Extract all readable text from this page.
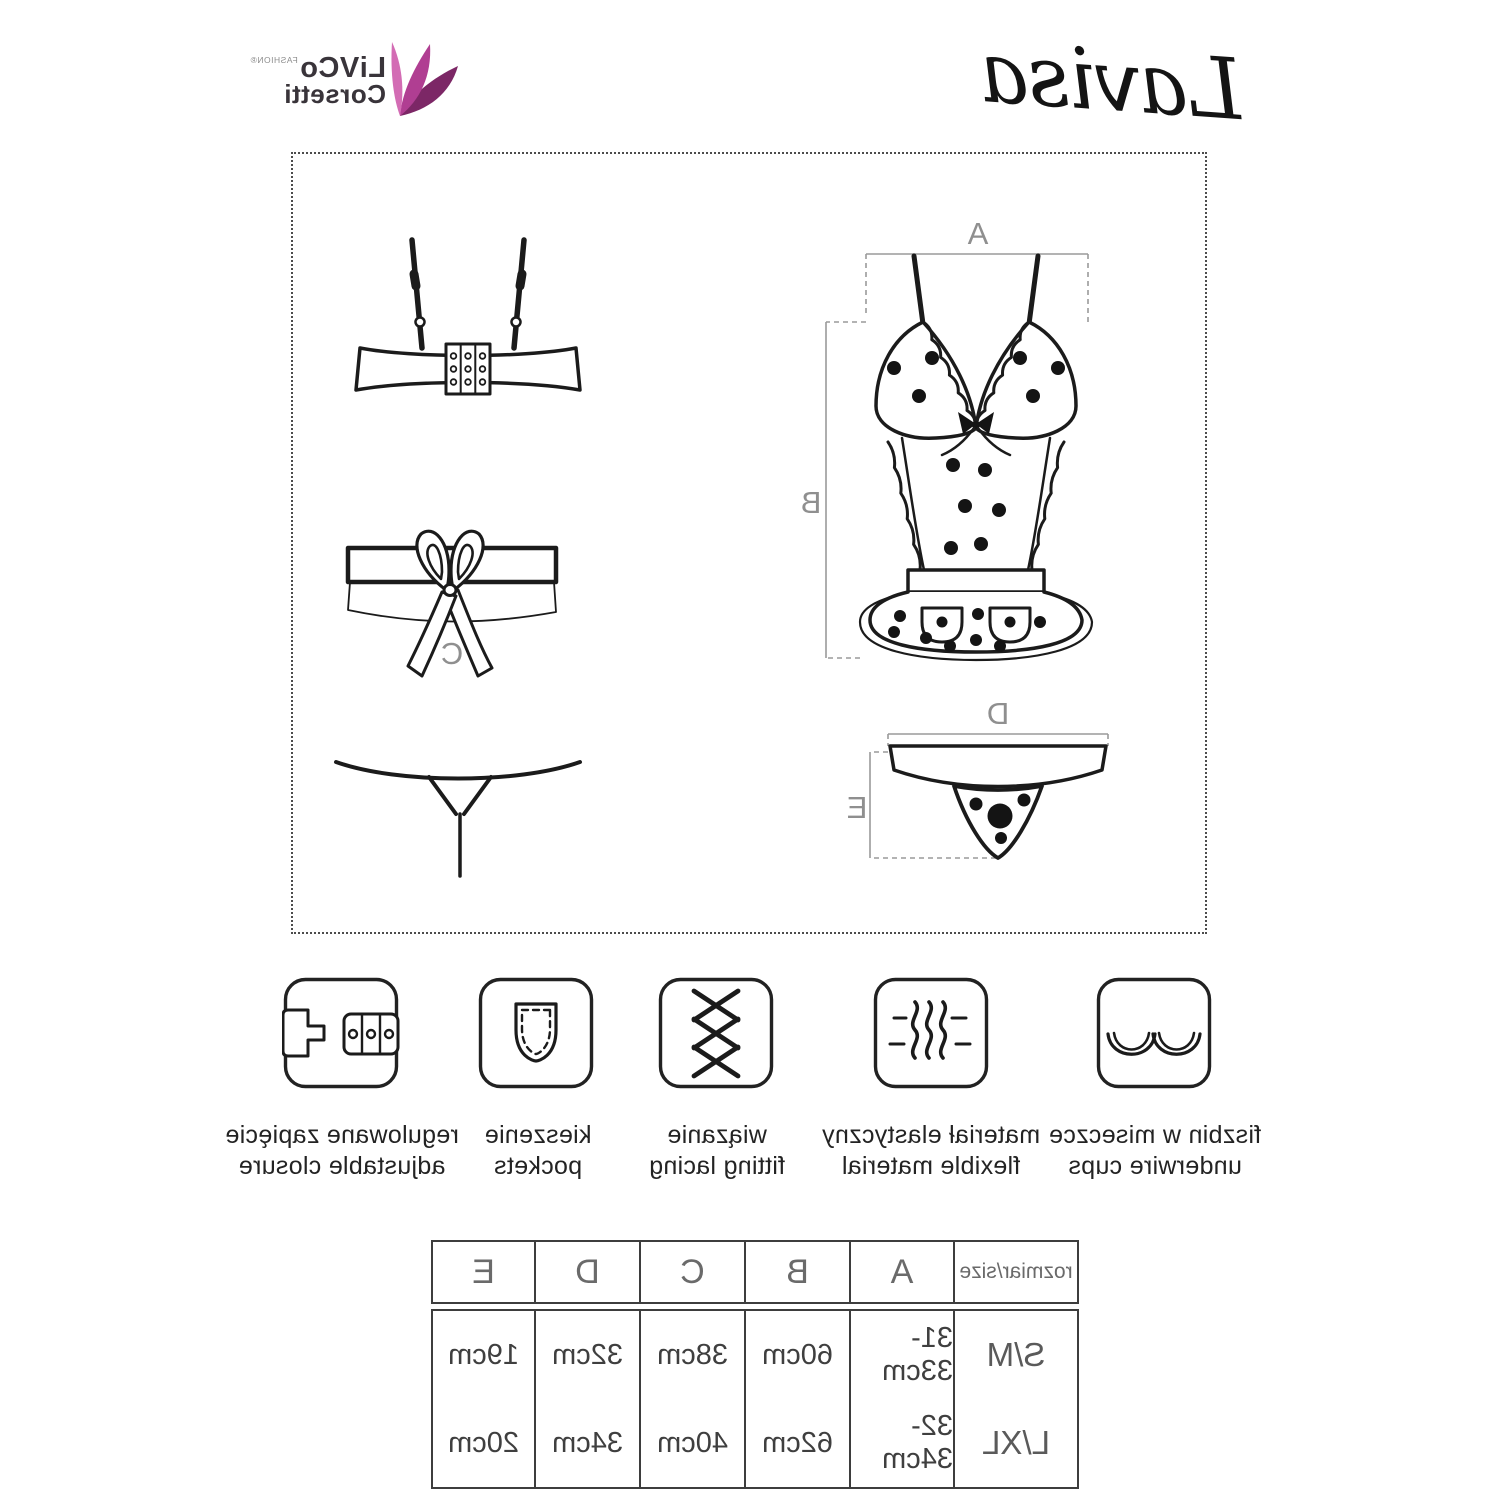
Lavisa
LiVCo$^{FASHION®}$
Corsetti
A
B
D
E
C
fiszbin w miseczce
underwire cups
materiał elastyczny
flexible material
wiązanie
fitting lacing
kieszenie
pockets
regulowane zapięcie
adjustable closure
rozmiar/size
A
B
C
D
E
S/M
31-33cm
60cm
38cm
32cm
19cm
L/XL
32-34cm
62cm
40cm
34cm
20cm
